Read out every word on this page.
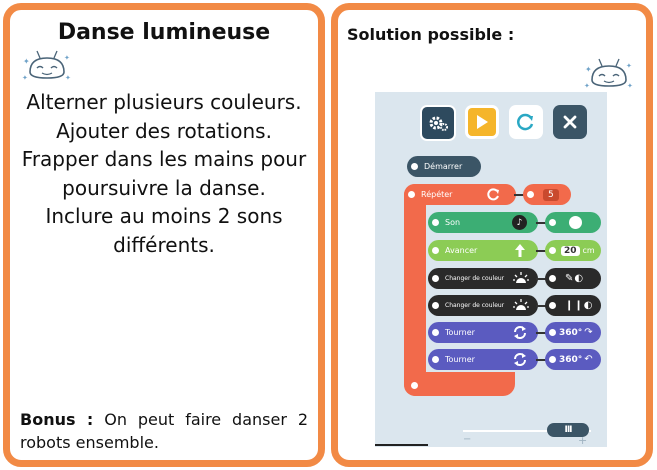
Danse lumineuse
✦	✦
✦	✦
Alterner plusieurs couleurs.
Ajouter des rotations.
Frapper dans les mains pour
poursuivre la danse.
Inclure au moins 2 sons
différents.
Bonus : On peut faire danser 2 robots ensemble.
Solution possible :
✦	✦
✦	✦
Démarrer
Répéter	5
Son	♪
Avancer	20 cm
Changer de couleur	✎◐
Changer de couleur	❙❙◐
Tourner	360° ↷
Tourner	360° ↶
III
−	+
